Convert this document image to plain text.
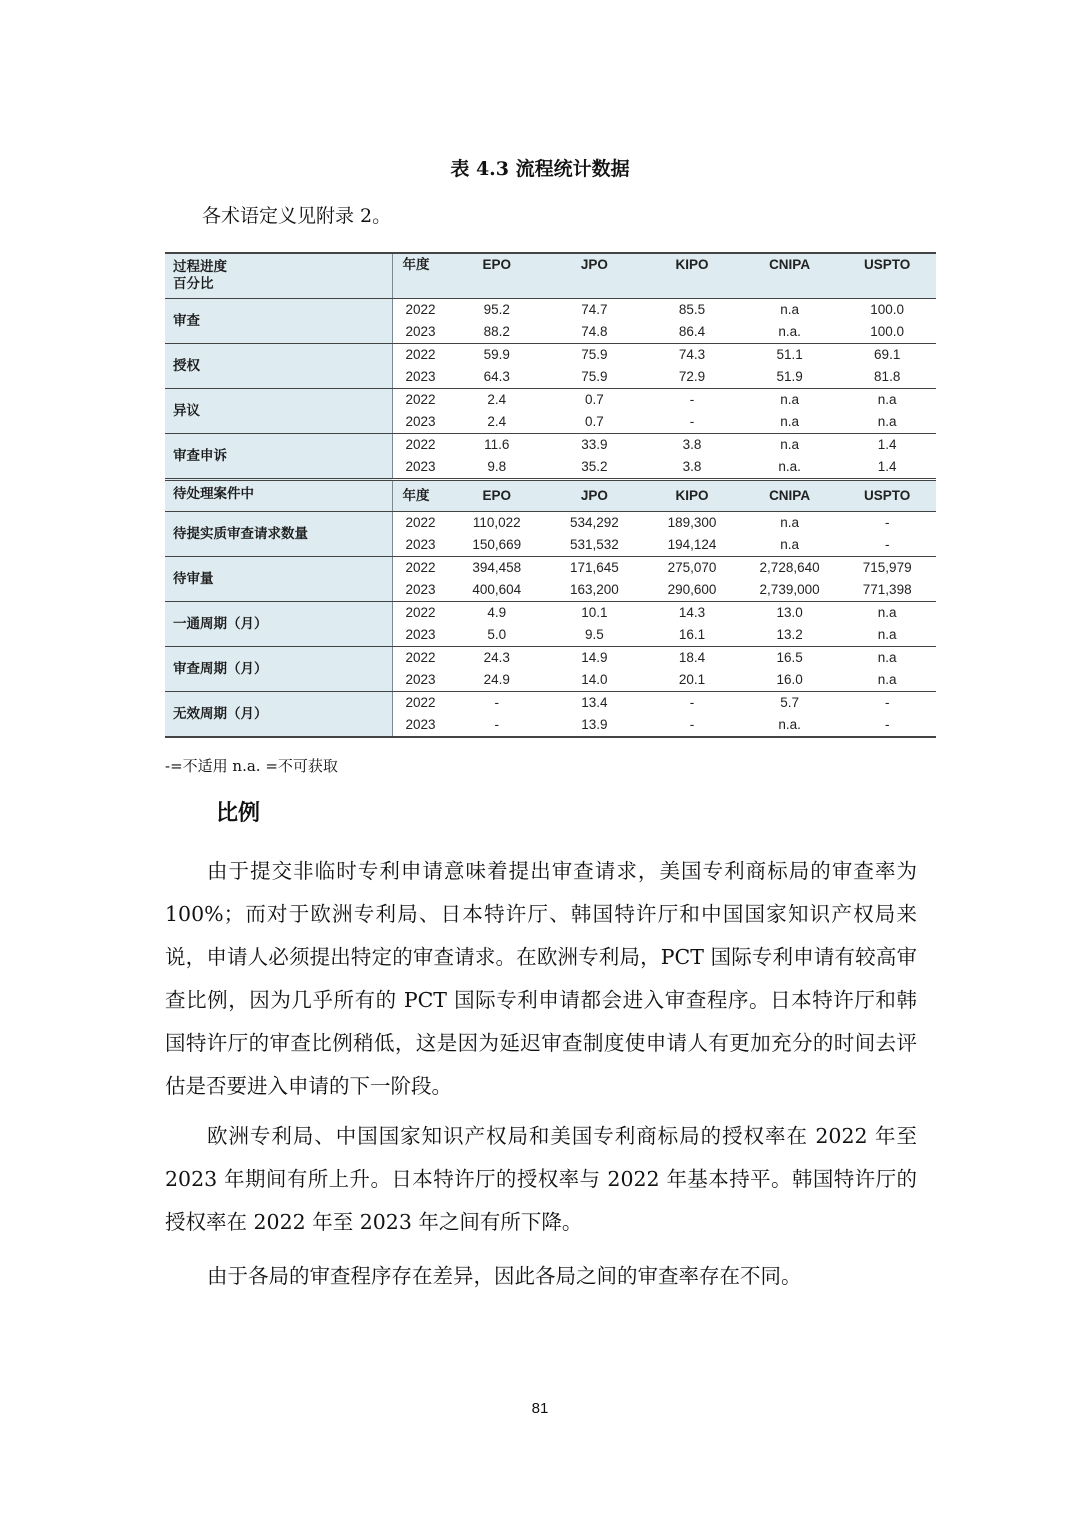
表 4.3 流程统计数据
各术语定义见附录 2。
过程进度
百分比	年度	EPO	JPO	KIPO	CNIPA	USPTO
审查	2022	95.2	74.7	85.5	n.a	100.0
	2023	88.2	74.8	86.4	n.a.	100.0
授权	2022	59.9	75.9	74.3	51.1	69.1
	2023	64.3	75.9	72.9	51.9	81.8
异议	2022	2.4	0.7	-	n.a	n.a
	2023	2.4	0.7	-	n.a	n.a
审查申诉	2022	11.6	33.9	3.8	n.a	1.4
	2023	9.8	35.2	3.8	n.a.	1.4
待处理案件中	年度	EPO	JPO	KIPO	CNIPA	USPTO
待提实质审查请求数量	2022	110,022	534,292	189,300	n.a	-
	2023	150,669	531,532	194,124	n.a	-
待审量	2022	394,458	171,645	275,070	2,728,640	715,979
	2023	400,604	163,200	290,600	2,739,000	771,398
一通周期（月）	2022	4.9	10.1	14.3	13.0	n.a
	2023	5.0	9.5	16.1	13.2	n.a
审查周期（月）	2022	24.3	14.9	18.4	16.5	n.a
	2023	24.9	14.0	20.1	16.0	n.a
无效周期（月）	2022	-	13.4	-	5.7	-
	2023	-	13.9	-	n.a.	-
-=不适用 n.a. =不可获取
比例

由于提交非临时专利申请意味着提出审查请求，美国专利商标局的审查率为 100%；而对于欧洲专利局、日本特许厅、韩国特许厅和中国国家知识产权局来说，申请人必须提出特定的审查请求。在欧洲专利局，PCT 国际专利申请有较高审查比例，因为几乎所有的 PCT 国际专利申请都会进入审查程序。日本特许厅和韩国特许厅的审查比例稍低，这是因为延迟审查制度使申请人有更加充分的时间去评估是否要进入申请的下一阶段。

欧洲专利局、中国国家知识产权局和美国专利商标局的授权率在 2022 年至 2023 年期间有所上升。日本特许厅的授权率与 2022 年基本持平。韩国特许厅的授权率在 2022 年至 2023 年之间有所下降。

由于各局的审查程序存在差异，因此各局之间的审查率存在不同。

81
